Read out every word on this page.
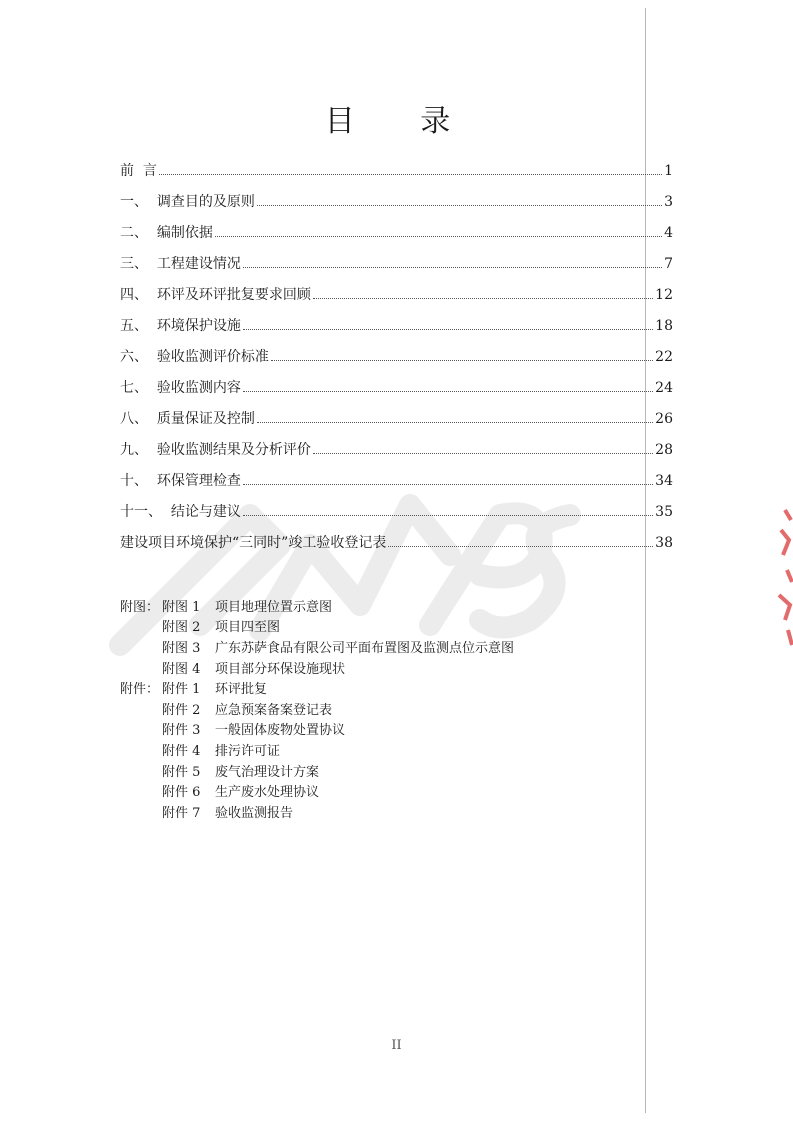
目 录
前 言	1
一、 调查目的及原则	3
二、 编制依据	4
三、 工程建设情况	7
四、 环评及环评批复要求回顾	12
五、 环境保护设施	18
六、 验收监测评价标准	22
七、 验收监测内容	24
八、 质量保证及控制	26
九、 验收监测结果及分析评价	28
十、 环保管理检查	34
十一、 结论与建议	35
建设项目环境保护“三同时”竣工验收登记表	38
附图： 附图 1	项目地理位置示意图
附图 2	项目四至图
附图 3	广东苏萨食品有限公司平面布置图及监测点位示意图
附图 4	项目部分环保设施现状
附件： 附件 1	环评批复
附件 2	应急预案备案登记表
附件 3	一般固体废物处置协议
附件 4	排污许可证
附件 5	废气治理设计方案
附件 6	生产废水处理协议
附件 7	验收监测报告
II
